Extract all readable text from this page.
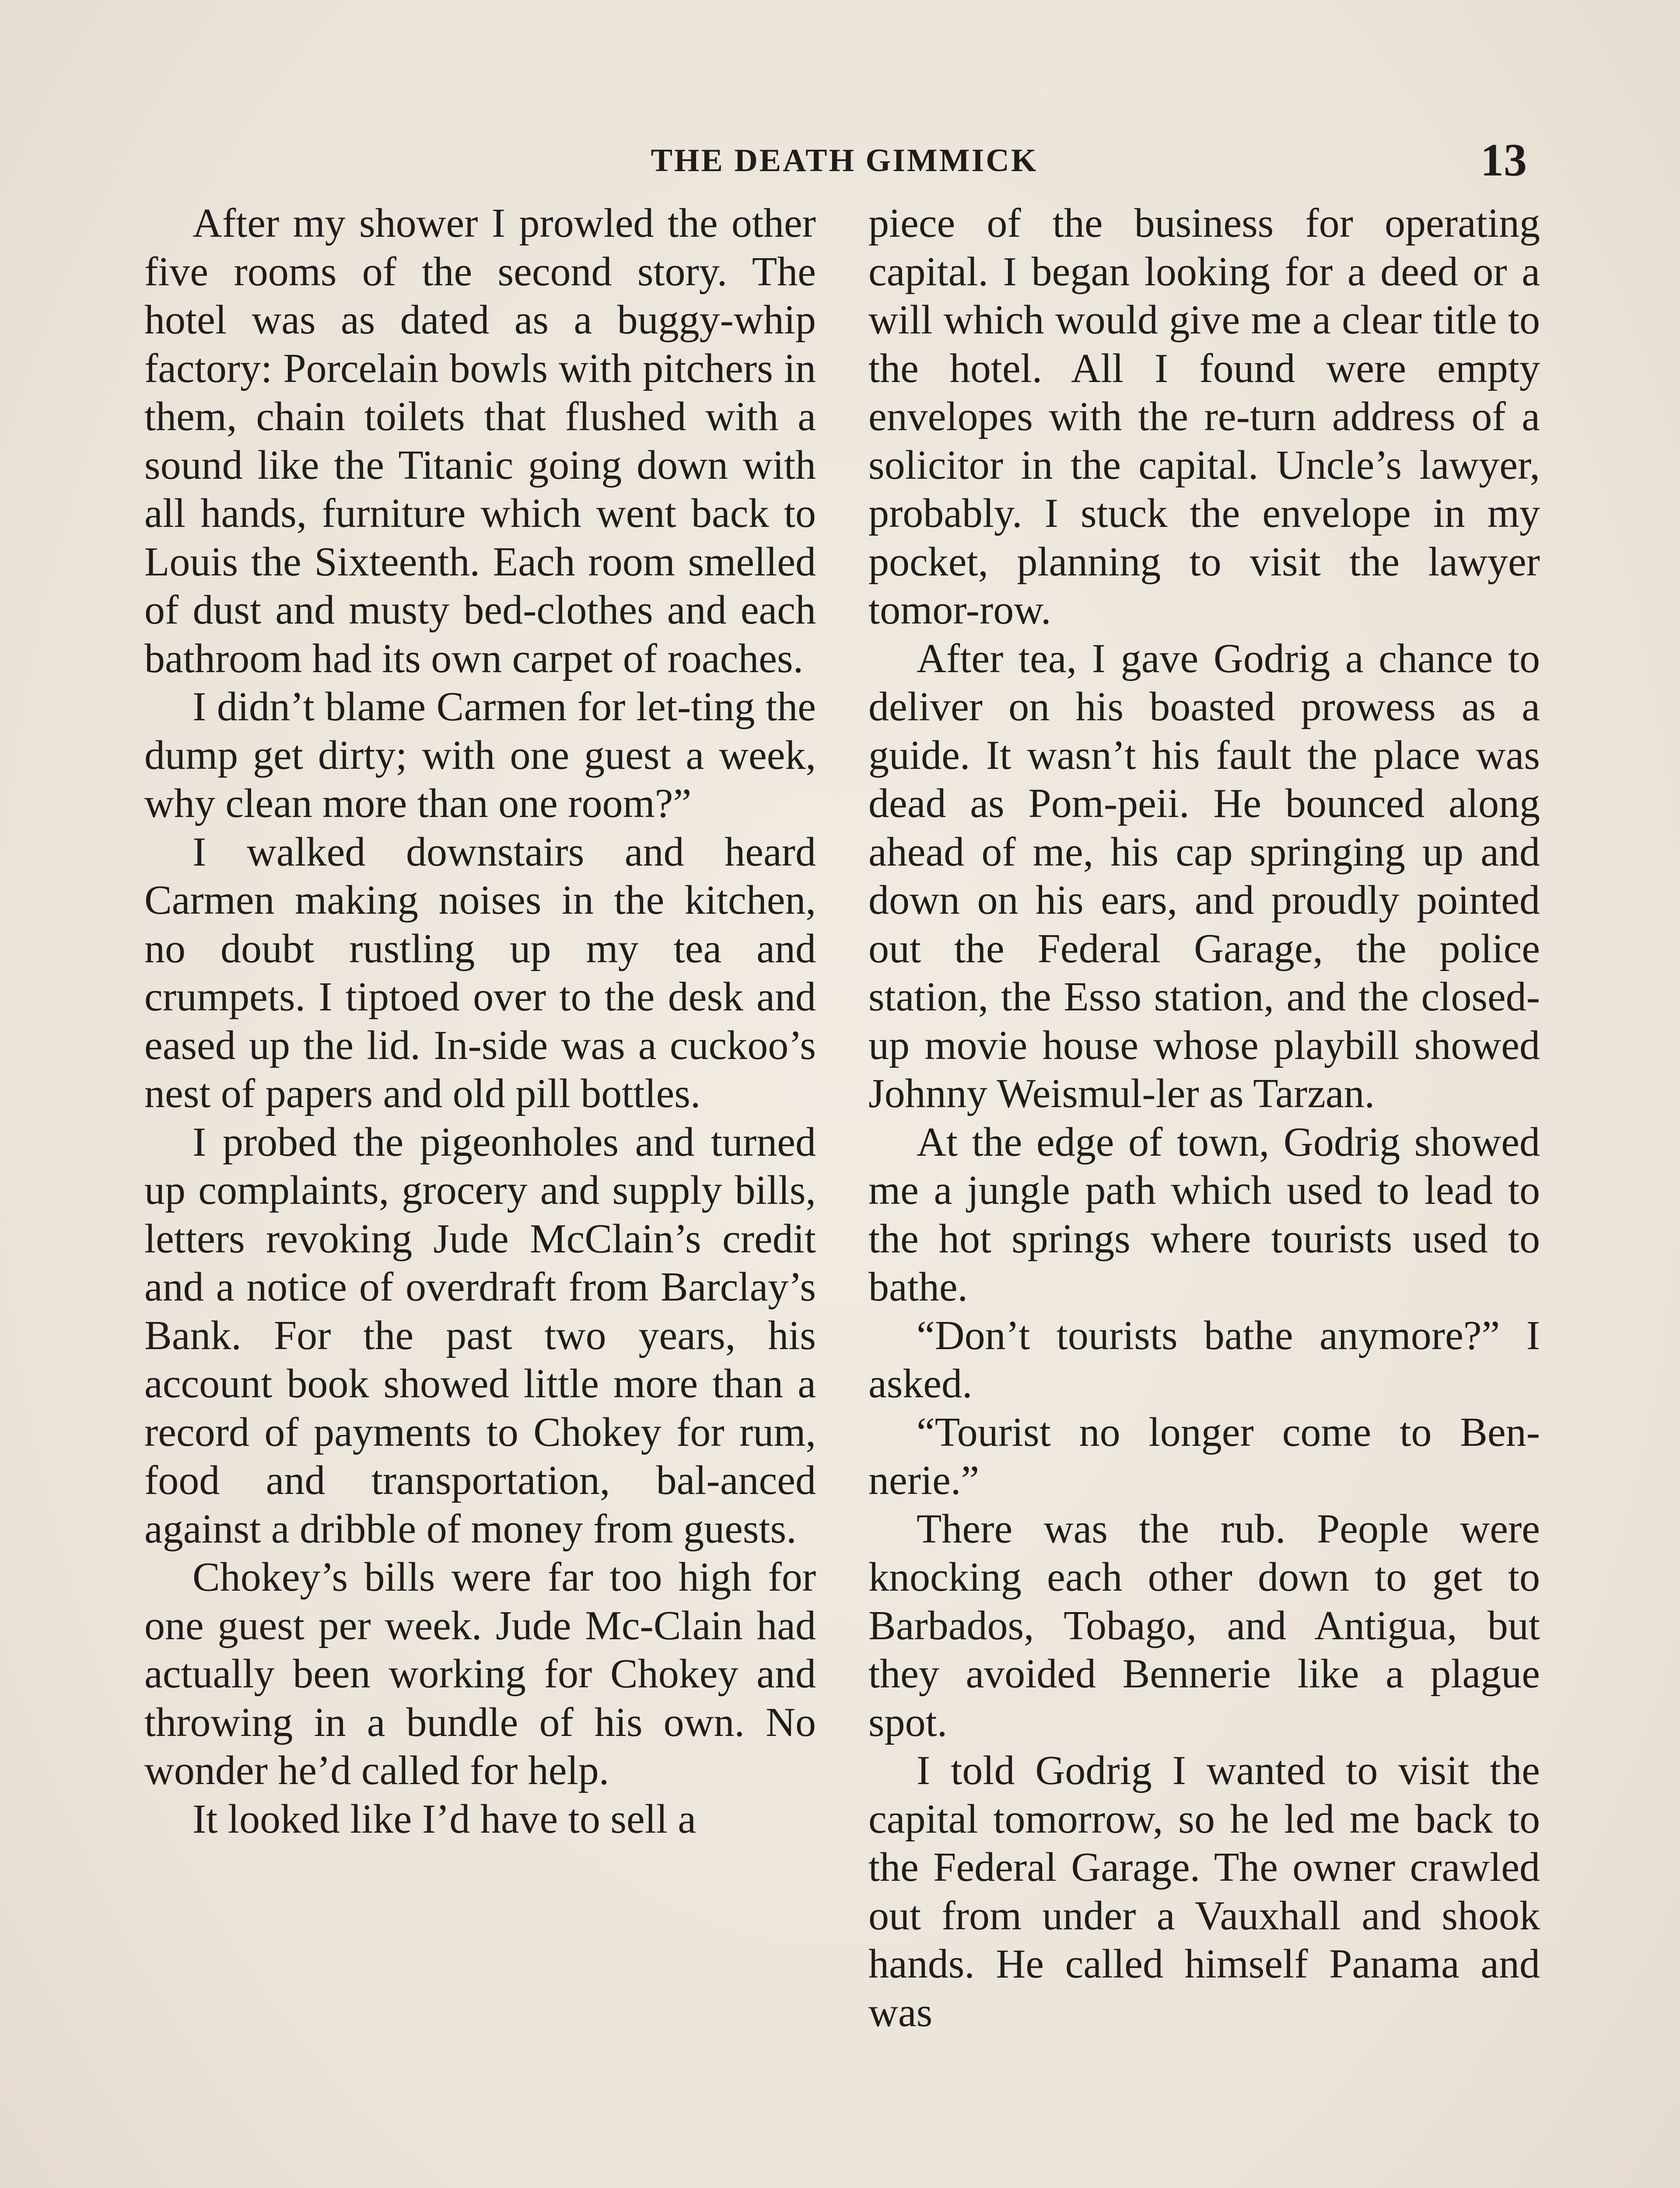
THE DEATH GIMMICK	13

After my shower I prowled the other five rooms of the second story. The hotel was as dated as a buggy-whip factory: Porcelain bowls with pitchers in them, chain toilets that flushed with a sound like the Titanic going down with all hands, furniture which went back to Louis the Sixteenth. Each room smelled of dust and musty bed-clothes and each bathroom had its own carpet of roaches.

I didn’t blame Carmen for let-ting the dump get dirty; with one guest a week, why clean more than one room?”

I walked downstairs and heard Carmen making noises in the kitchen, no doubt rustling up my tea and crumpets. I tiptoed over to the desk and eased up the lid. In-side was a cuckoo’s nest of papers and old pill bottles.

I probed the pigeonholes and turned up complaints, grocery and supply bills, letters revoking Jude McClain’s credit and a notice of overdraft from Barclay’s Bank. For the past two years, his account book showed little more than a record of payments to Chokey for rum, food and transportation, bal-anced against a dribble of money from guests.

Chokey’s bills were far too high for one guest per week. Jude Mc-Clain had actually been working for Chokey and throwing in a bundle of his own. No wonder he’d called for help.

It looked like I’d have to sell a

piece of the business for operating capital. I began looking for a deed or a will which would give me a clear title to the hotel. All I found were empty envelopes with the re-turn address of a solicitor in the capital. Uncle’s lawyer, probably. I stuck the envelope in my pocket, planning to visit the lawyer tomor-row.

After tea, I gave Godrig a chance to deliver on his boasted prowess as a guide. It wasn’t his fault the place was dead as Pom-peii. He bounced along ahead of me, his cap springing up and down on his ears, and proudly pointed out the Federal Garage, the police station, the Esso station, and the closed-up movie house whose playbill showed Johnny Weismul-ler as Tarzan.

At the edge of town, Godrig showed me a jungle path which used to lead to the hot springs where tourists used to bathe.

“Don’t tourists bathe anymore?” I asked.

“Tourist no longer come to Ben-nerie.”

There was the rub. People were knocking each other down to get to Barbados, Tobago, and Antigua, but they avoided Bennerie like a plague spot.

I told Godrig I wanted to visit the capital tomorrow, so he led me back to the Federal Garage. The owner crawled out from under a Vauxhall and shook hands. He called himself Panama and was
